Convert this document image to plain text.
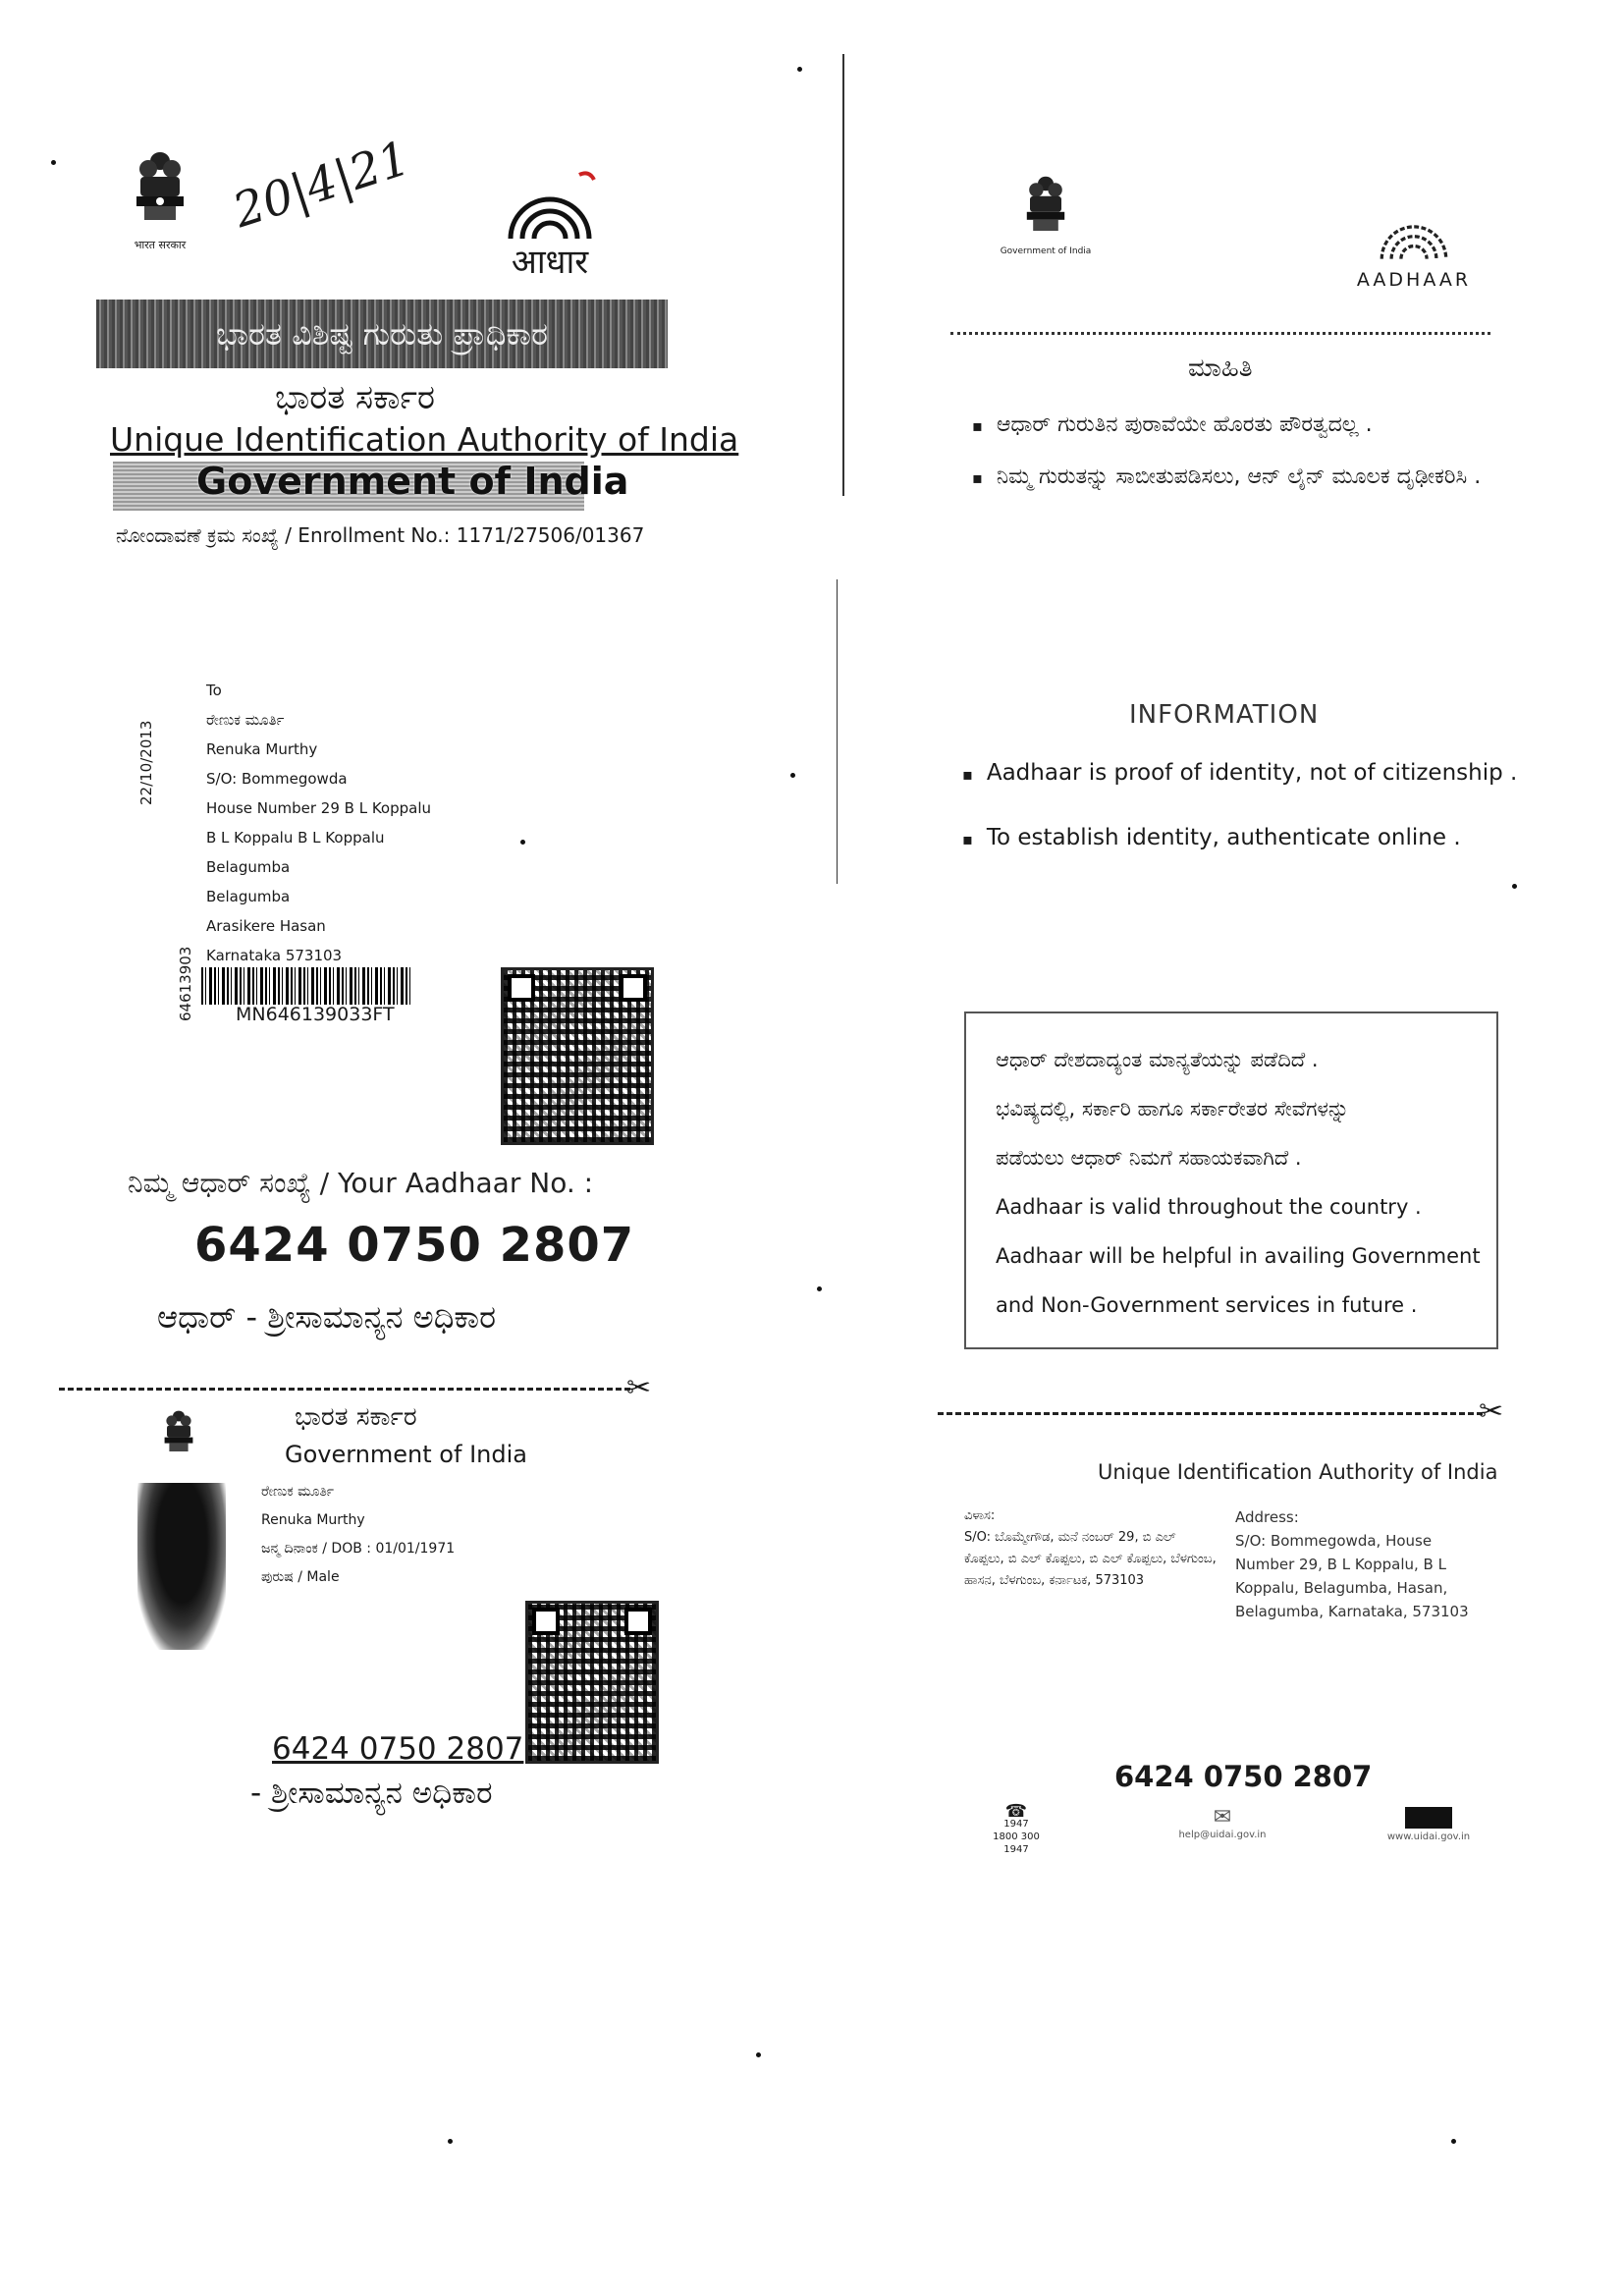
भारत सरकार
20|4|21
आधार
ಭಾರತ ವಿಶಿಷ್ಟ ಗುರುತು ಪ್ರಾಧಿಕಾರ
ಭಾರತ ಸರ್ಕಾರ
Unique Identification Authority of India
Government of India
ನೋಂದಾವಣೆ ಕ್ರಮ ಸಂಖ್ಯೆ / Enrollment No.: 1171/27506/01367
To
ರೇಣುಕ ಮೂರ್ತಿ
Renuka Murthy
S/O: Bommegowda
House Number 29 B L Koppalu
B L Koppalu B L Koppalu
Belagumba
Belagumba
Arasikere Hasan
Karnataka 573103
22/10/2013
64613903 MN646139033FT
ನಿಮ್ಮ ಆಧಾರ್ ಸಂಖ್ಯೆ / Your Aadhaar No. :
6424 0750 2807
ಆಧಾರ್ - ಶ್ರೀಸಾಮಾನ್ಯನ ಅಧಿಕಾರ
✂
ಭಾರತ ಸರ್ಕಾರ
Government of India
ರೇಣುಕ ಮೂರ್ತಿ
Renuka Murthy
ಜನ್ಮ ದಿನಾಂಕ / DOB : 01/01/1971
ಪುರುಷ / Male
6424 0750 2807
- ಶ್ರೀಸಾಮಾನ್ಯನ ಅಧಿಕಾರ
Government of India
AADHAAR
ಮಾಹಿತಿ
▪ ಆಧಾರ್ ಗುರುತಿನ ಪುರಾವೆಯೇ ಹೊರತು ಪೌರತ್ವದಲ್ಲ .
▪ ನಿಮ್ಮ ಗುರುತನ್ನು ಸಾಬೀತುಪಡಿಸಲು, ಆನ್ ಲೈನ್ ಮೂಲಕ ದೃಢೀಕರಿಸಿ .
INFORMATION
▪ Aadhaar is proof of identity, not of citizenship .
▪ To establish identity, authenticate online .
ಆಧಾರ್ ದೇಶದಾದ್ಯಂತ ಮಾನ್ಯತೆಯನ್ನು ಪಡೆದಿದೆ .
ಭವಿಷ್ಯದಲ್ಲಿ, ಸರ್ಕಾರಿ ಹಾಗೂ ಸರ್ಕಾರೇತರ ಸೇವೆಗಳನ್ನು
ಪಡೆಯಲು ಆಧಾರ್ ನಿಮಗೆ ಸಹಾಯಕವಾಗಿದೆ .
Aadhaar is valid throughout the country .
Aadhaar will be helpful in availing Government
and Non-Government services in future .
✂
Unique Identification Authority of India
ವಿಳಾಸ:
S/O: ಬೊಮ್ಮೇಗೌಡ, ಮನೆ ನಂಬರ್ 29, ಬಿ ಎಲ್ ಕೊಪ್ಪಲು, ಬಿ ಎಲ್ ಕೊಪ್ಪಲು, ಬಿ ಎಲ್ ಕೊಪ್ಪಲು, ಬೆಳಗುಂಬ, ಹಾಸನ, ಬೆಳಗುಂಬ, ಕರ್ನಾಟಕ, 573103
Address:
S/O: Bommegowda, House Number 29, B L Koppalu, B L Koppalu, Belagumba, Hasan, Belagumba, Karnataka, 573103
6424 0750 2807
☎
1947
1800 300 1947
✉
help@uidai.gov.in	www.uidai.gov.in
